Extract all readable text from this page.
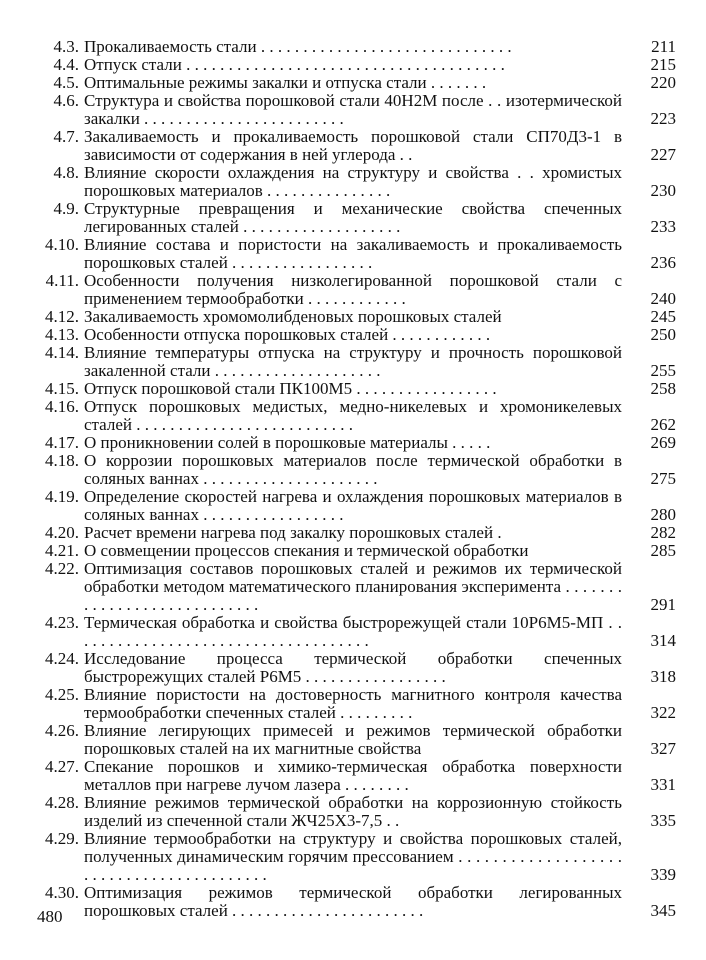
4.3. Прокаливаемость стали . . . . . . . . . . . . . . . . . . . . . . . . . . . . . .	211
4.4. Отпуск стали . . . . . . . . . . . . . . . . . . . . . . . . . . . . . . . . . . . . . .	215
4.5. Оптимальные режимы закалки и отпуска стали . . . . . . .	220
4.6. Структура и свойства порошковой стали 40Н2М после . . изотермической закалки . . . . . . . . . . . . . . . . . . . . . . . .	223
4.7. Закаливаемость и прокаливаемость порошковой стали СП70Д3-1 в зависимости от содержания в ней углерода . .	227
4.8. Влияние скорости охлаждения на структуру и свойства . . хромистых порошковых материалов . . . . . . . . . . . . . . .	230
4.9. Структурные превращения и механические свойства спеченных легированных сталей . . . . . . . . . . . . . . . . . . .	233
4.10. Влияние состава и пористости на закаливаемость и прокаливаемость порошковых сталей . . . . . . . . . . . . . . . . .	236
4.11. Особенности получения низколегированной порошковой стали с применением термообработки . . . . . . . . . . . .	240
4.12. Закаливаемость хромомолибденовых порошковых сталей	245
4.13. Особенности отпуска порошковых сталей . . . . . . . . . . . .	250
4.14. Влияние температуры отпуска на структуру и прочность порошковой закаленной стали . . . . . . . . . . . . . . . . . . . .	255
4.15. Отпуск порошковой стали ПК100М5 . . . . . . . . . . . . . . . . .	258
4.16. Отпуск порошковых медистых, медно-никелевых и хромоникелевых сталей . . . . . . . . . . . . . . . . . . . . . . . . . .	262
4.17. О проникновении солей в порошковые материалы . . . . .	269
4.18. О коррозии порошковых материалов после термической обработки в соляных ваннах . . . . . . . . . . . . . . . . . . . . .	275
4.19. Определение скоростей нагрева и охлаждения порошковых материалов в соляных ваннах . . . . . . . . . . . . . . . . .	280
4.20. Расчет времени нагрева под закалку порошковых сталей .	282
4.21. О совмещении процессов спекания и термической обработки	285
4.22. Оптимизация составов порошковых сталей и режимов их термической обработки методом математического планирования эксперимента . . . . . . . . . . . . . . . . . . . . . . . . . . . .	291
4.23. Термическая обработка и свойства быстрорежущей стали 10Р6М5-МП . . . . . . . . . . . . . . . . . . . . . . . . . . . . . . . . . . . .	314
4.24. Исследование процесса термической обработки спеченных быстрорежущих сталей Р6М5 . . . . . . . . . . . . . . . . .	318
4.25. Влияние пористости на достоверность магнитного контроля качества термообработки спеченных сталей . . . . . . . . .	322
4.26. Влияние легирующих примесей и режимов термической обработки порошковых сталей на их магнитные свойства	327
4.27. Спекание порошков и химико-термическая обработка поверхности металлов при нагреве лучом лазера . . . . . . . .	331
4.28. Влияние режимов термической обработки на коррозионную стойкость изделий из спеченной стали ЖЧ25Х3-7,5 . .	335
4.29. Влияние термообработки на структуру и свойства порошковых сталей, полученных динамическим горячим прессованием . . . . . . . . . . . . . . . . . . . . . . . . . . . . . . . . . . . . . . . . .	339
4.30. Оптимизация режимов термической обработки легированных порошковых сталей . . . . . . . . . . . . . . . . . . . . . . .	345
480
